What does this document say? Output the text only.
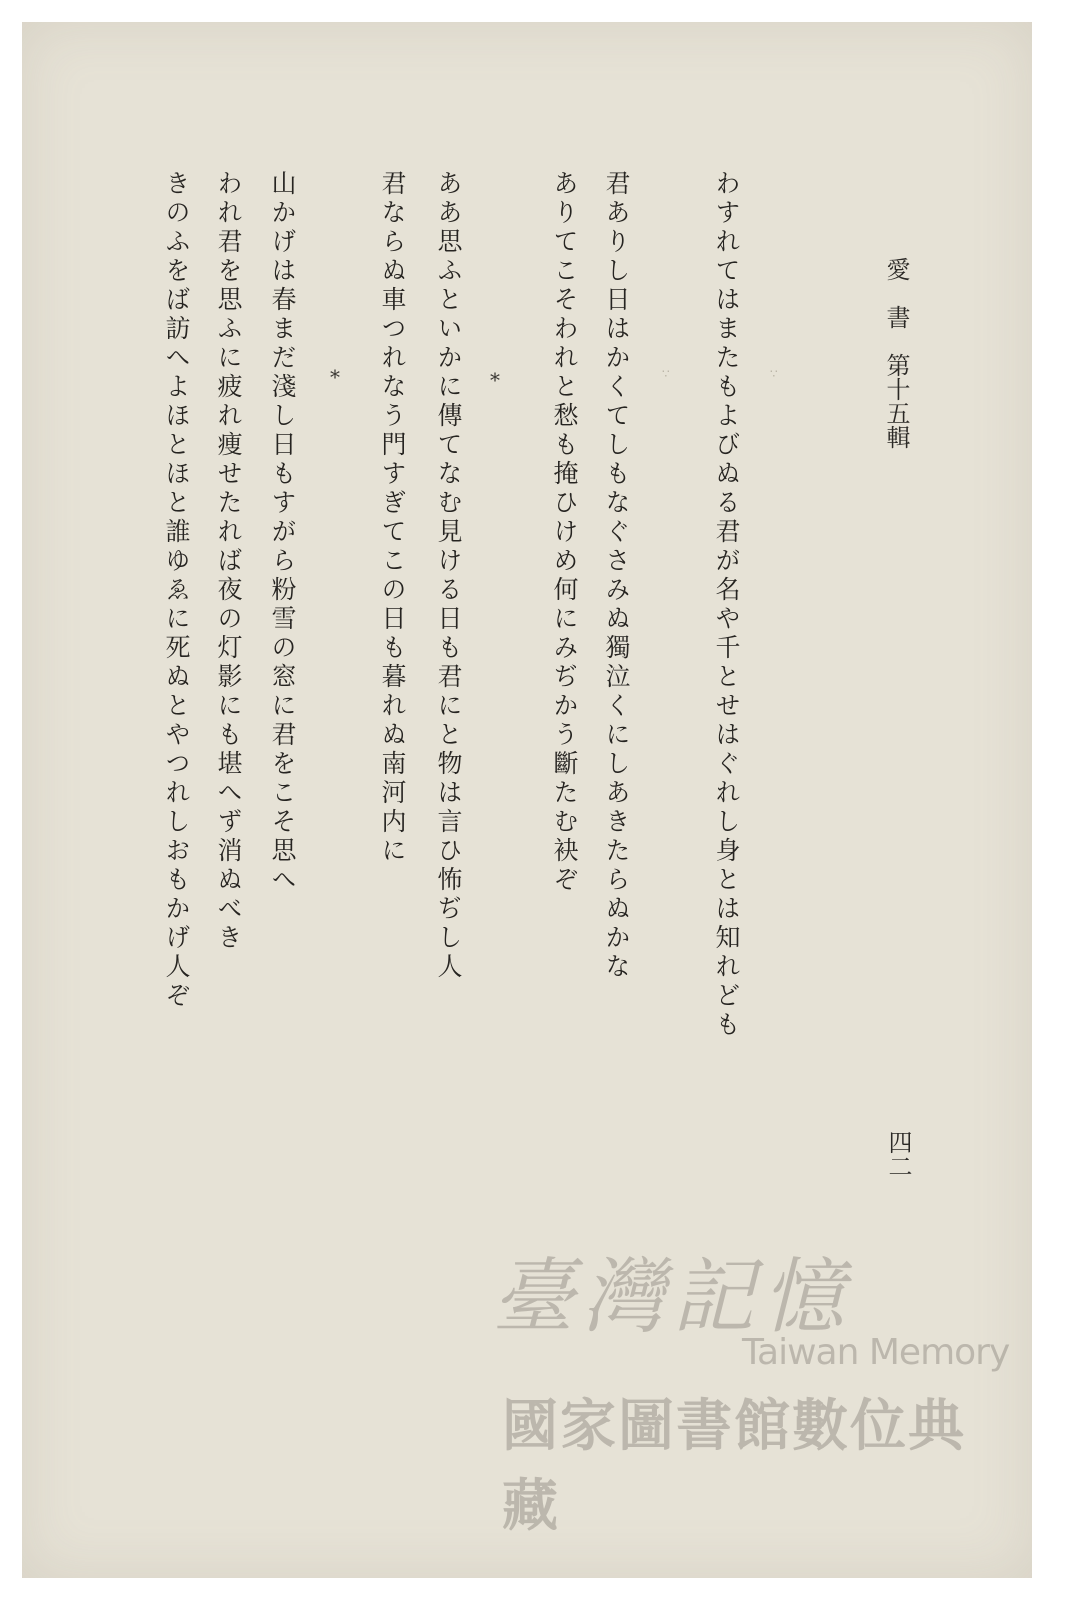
愛　書　第十五輯
わすれてはまたもよびぬる君が名や千とせはぐれし身とは知れども
∵	∵
君ありし日はかくてしもなぐさみぬ獨泣くにしあきたらぬかな
ありてこそわれと愁も掩ひけめ何にみぢかう斷たむ袂ぞ
*
ああ思ふといかに傳てなむ見ける日も君にと物は言ひ怖ぢし人
君ならぬ車つれなう門すぎてこの日も暮れぬ南河内に
*
山かげは春まだ淺し日もすがら粉雪の窓に君をこそ思へ
われ君を思ふに疲れ痩せたれば夜の灯影にも堪へず消ぬべき
きのふをば訪へよほとほと誰ゆゑに死ぬとやつれしおもかげ人ぞ
四二
臺灣記憶
Taiwan Memory
國家圖書館數位典藏
